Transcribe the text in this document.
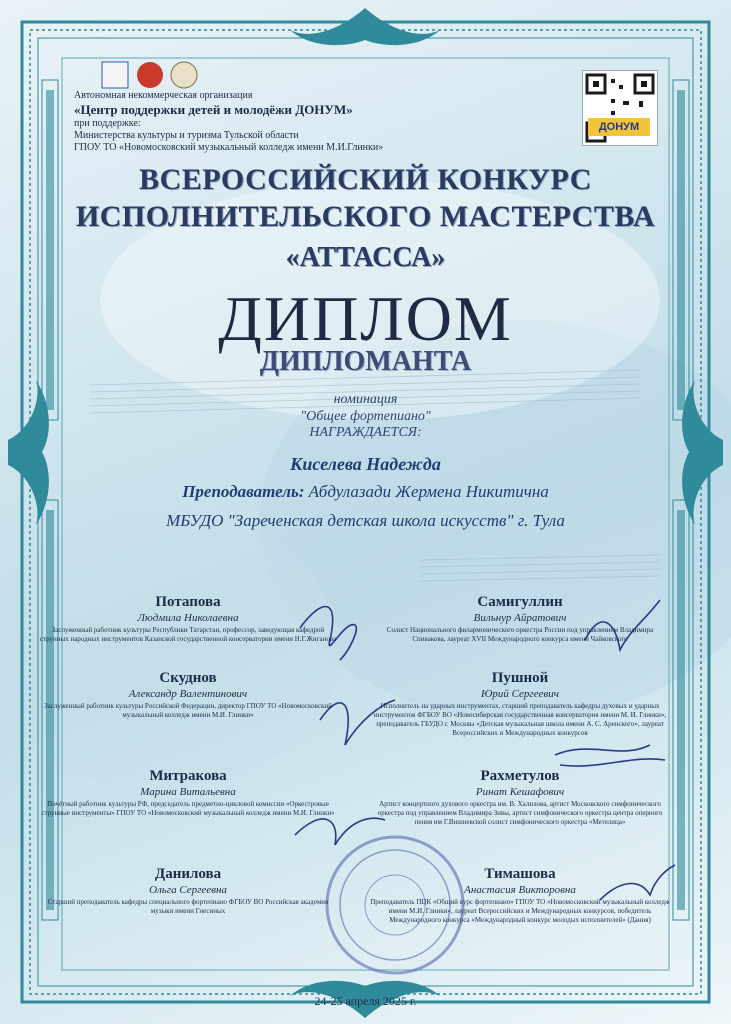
ДОНУМ
Автономная некоммерческая организация
«Центр поддержки детей и молодёжи ДОНУМ»
при поддержке:
Министерства культуры и туризма Тульской области
ГПОУ ТО «Новомосковский музыкальный колледж имени М.И.Глинки»
ВСЕРОССИЙСКИЙ КОНКУРС
ИСПОЛНИТЕЛЬСКОГО МАСТЕРСТВА
«АТТАССА»
ДИПЛОМ
ДИПЛОМАНТА
номинация
"Общее фортепиано"
НАГРАЖДАЕТСЯ:
Киселева Надежда
Преподаватель: Абдулазади Жермена Никитична
МБУДО "Зареченская детская школа искусств" г. Тула
Потапова
Людмила Николаевна
Заслуженный работник культуры Республики Татарстан, профессор, заведующая кафедрой струнных народных инструментов Казанской государственной консерватории имени Н.Г.Жиганова
Самигуллин
Вильнур Айратович
Солист Национального филармонического оркестра России под управлением Владимира Спивакова, лауреат XVII Международного конкурса имени Чайковского
Скуднов
Александр Валентинович
Заслуженный работник культуры Российской Федерации, директор ГПОУ ТО «Новомосковский музыкальный колледж имени М.И. Глинки»
Пушной
Юрий Сергеевич
Исполнитель на ударных инструментах, старший преподаватель кафедры духовых и ударных инструментов ФГБОУ ВО «Новосибирская государственная консерватория имени М. И. Глинки», преподаватель ГБУДО г. Москвы «Детская музыкальная школа имени А. С. Аренского», лауреат Всероссийских и Международных конкурсов
Митракова
Марина Витальевна
Почётный работник культуры РФ, председатель предметно-цикловой комиссии «Оркестровые струнные инструменты» ГПОУ ТО «Новомосковский музыкальный колледж имени М.И. Глинки»
Рахметулов
Ринат Кешафович
Артист концертного духового оркестра им. В. Халилова, артист Московского симфонического оркестра под управлением Владимира Зивы, артист симфонического оркестра центра оперного пения им Г.Вишневской солист симфонического оркестра «Метелица»
Данилова
Ольга Сергеевна
Старший преподаватель кафедры специального фортепиано ФГБОУ ВО Российская академия музыки имени Гнесиных
Тимашова
Анастасия Викторовна
Преподаватель ПЦК «Общий курс фортепиано» ГПОУ ТО «Новомосковский музыкальный колледж имени М.И. Глинки», лауреат Всероссийских и Международных конкурсов, победитель Международного конкурса «Международный конкурс молодых исполнителей» (Дания)
24-25 апреля 2025 г.
